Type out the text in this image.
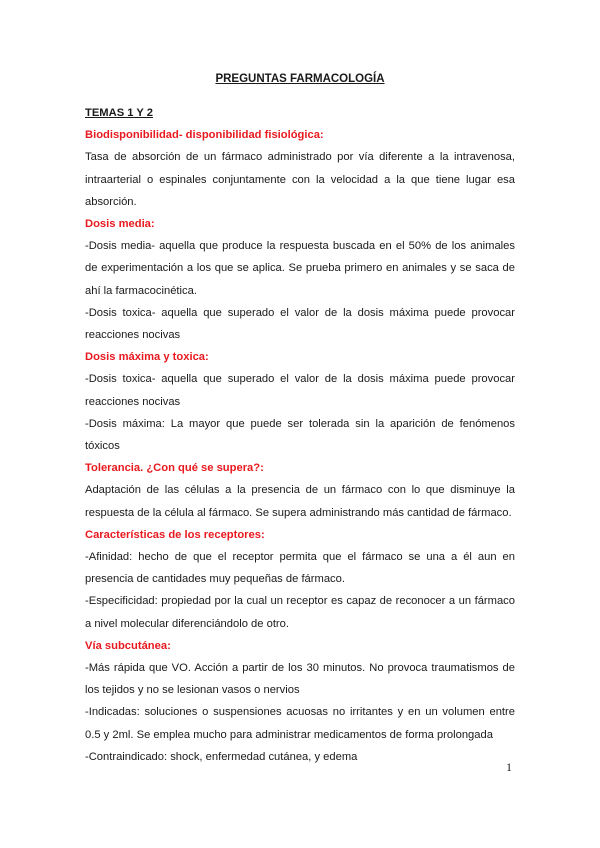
PREGUNTAS FARMACOLOGÍA
TEMAS 1 Y 2
Biodisponibilidad- disponibilidad fisiológica:

Tasa de absorción de un fármaco administrado por vía diferente a la intravenosa, intraarterial o espinales conjuntamente con la velocidad a la que tiene lugar esa absorción.

Dosis media:

-Dosis media- aquella que produce la respuesta buscada en el 50% de los animales de experimentación a los que se aplica. Se prueba primero en animales y se saca de ahí la farmacocinética.

-Dosis toxica- aquella que superado el valor de la dosis máxima puede provocar reacciones nocivas

Dosis máxima y toxica:

-Dosis toxica- aquella que superado el valor de la dosis máxima puede provocar reacciones nocivas

-Dosis máxima: La mayor que puede ser tolerada sin la aparición de fenómenos tóxicos

Tolerancia. ¿Con qué se supera?:

Adaptación de las células a la presencia de un fármaco con lo que disminuye la respuesta de la célula al fármaco. Se supera administrando más cantidad de fármaco.

Características de los receptores:

-Afinidad: hecho de que el receptor permita que el fármaco se una a él aun en presencia de cantidades muy pequeñas de fármaco.

-Especificidad: propiedad por la cual un receptor es capaz de reconocer a un fármaco a nivel molecular diferenciándolo de otro.

Vía subcutánea:

-Más rápida que VO. Acción a partir de los 30 minutos. No provoca traumatismos de los tejidos y no se lesionan vasos o nervios

-Indicadas: soluciones o suspensiones acuosas no irritantes y en un volumen entre 0.5 y 2ml. Se emplea mucho para administrar medicamentos de forma prolongada

-Contraindicado: shock, enfermedad cutánea, y edema

1
